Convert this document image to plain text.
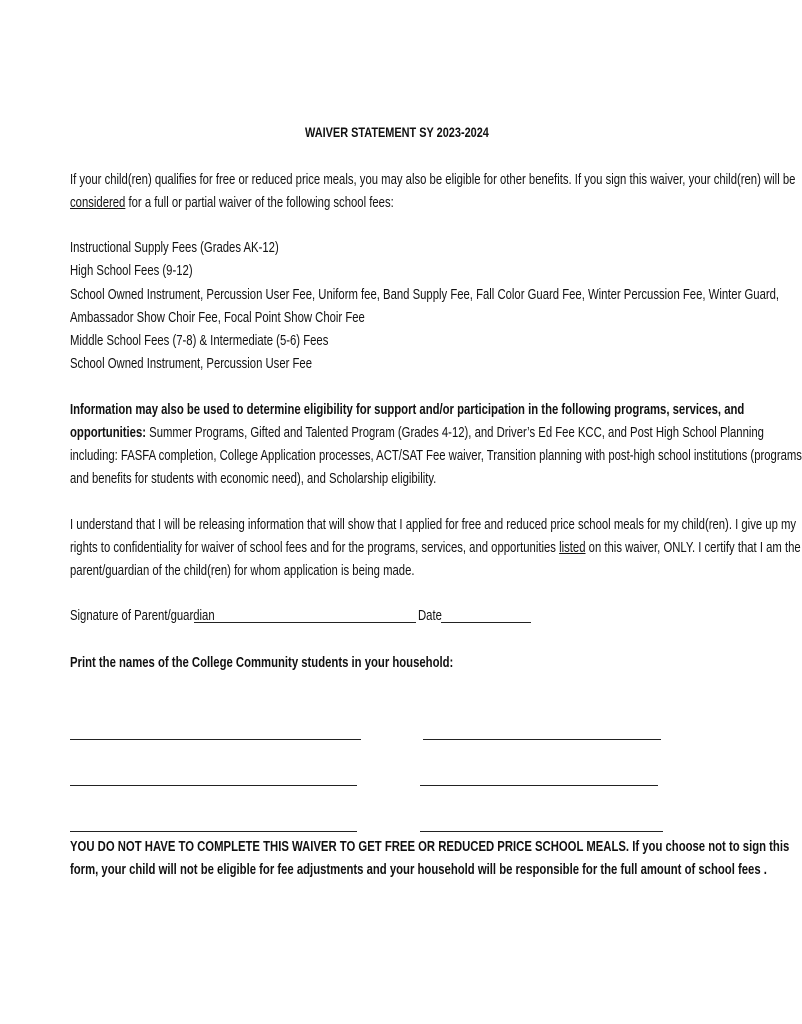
WAIVER STATEMENT SY 2023-2024
If your child(ren) qualifies for free or reduced price meals, you may also be eligible for other benefits. If you sign this waiver, your child(ren) will be
considered for a full or partial waiver of the following school fees:
Instructional Supply Fees (Grades AK-12)
High School Fees (9-12)
School Owned Instrument, Percussion User Fee, Uniform fee, Band Supply Fee, Fall Color Guard Fee, Winter Percussion Fee, Winter Guard,
Ambassador Show Choir Fee, Focal Point Show Choir Fee
Middle School Fees (7-8) & Intermediate (5-6) Fees
School Owned Instrument, Percussion User Fee
Information may also be used to determine eligibility for support and/or participation in the following programs, services, and
opportunities: Summer Programs, Gifted and Talented Program (Grades 4-12), and Driver’s Ed Fee KCC, and Post High School Planning
including: FASFA completion, College Application processes, ACT/SAT Fee waiver, Transition planning with post-high school institutions (programs
and benefits for students with economic need), and Scholarship eligibility.
I understand that I will be releasing information that will show that I applied for free and reduced price school meals for my child(ren). I give up my
rights to confidentiality for waiver of school fees and for the programs, services, and opportunities listed on this waiver, ONLY. I certify that I am the
parent/guardian of the child(ren) for whom application is being made.
Signature of Parent/guardian	Date
Print the names of the College Community students in your household:
YOU DO NOT HAVE TO COMPLETE THIS WAIVER TO GET FREE OR REDUCED PRICE SCHOOL MEALS. If you choose not to sign this
form, your child will not be eligible for fee adjustments and your household will be responsible for the full amount of school fees .
